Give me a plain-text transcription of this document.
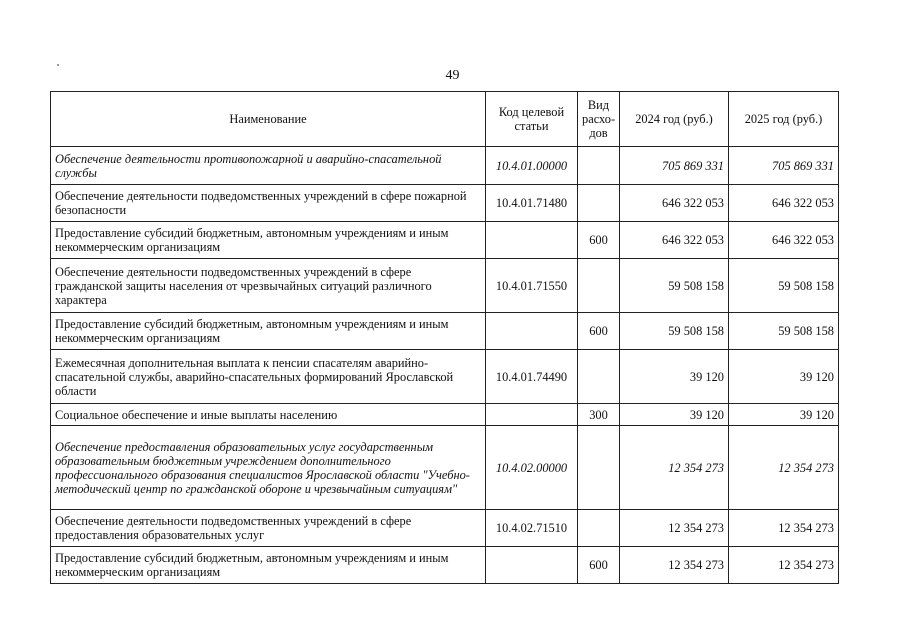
49
Наименование	Код целевой статьи	Вид расхо-дов	2024 год (руб.)	2025 год (руб.)
Обеспечение деятельности противопожарной и аварийно-спасательной службы	10.4.01.00000		705 869 331	705 869 331
Обеспечение деятельности подведомственных учреждений в сфере пожарной безопасности	10.4.01.71480		646 322 053	646 322 053
Предоставление субсидий бюджетным, автономным учреждениям и иным некоммерческим организациям		600	646 322 053	646 322 053
Обеспечение деятельности подведомственных учреждений в сфере гражданской защиты населения от чрезвычайных ситуаций различного характера	10.4.01.71550		59 508 158	59 508 158
Предоставление субсидий бюджетным, автономным учреждениям и иным некоммерческим организациям		600	59 508 158	59 508 158
Ежемесячная дополнительная выплата к пенсии спасателям аварийно-спасательной службы, аварийно-спасательных формирований Ярославской области	10.4.01.74490		39 120	39 120
Социальное обеспечение и иные выплаты населению		300	39 120	39 120
Обеспечение предоставления образовательных услуг государственным образовательным бюджетным учреждением дополнительного профессионального образования специалистов Ярославской области "Учебно-методический центр по гражданской обороне и чрезвычайным ситуациям"	10.4.02.00000		12 354 273	12 354 273
Обеспечение деятельности подведомственных учреждений в сфере предоставления образовательных услуг	10.4.02.71510		12 354 273	12 354 273
Предоставление субсидий бюджетным, автономным учреждениям и иным некоммерческим организациям		600	12 354 273	12 354 273
